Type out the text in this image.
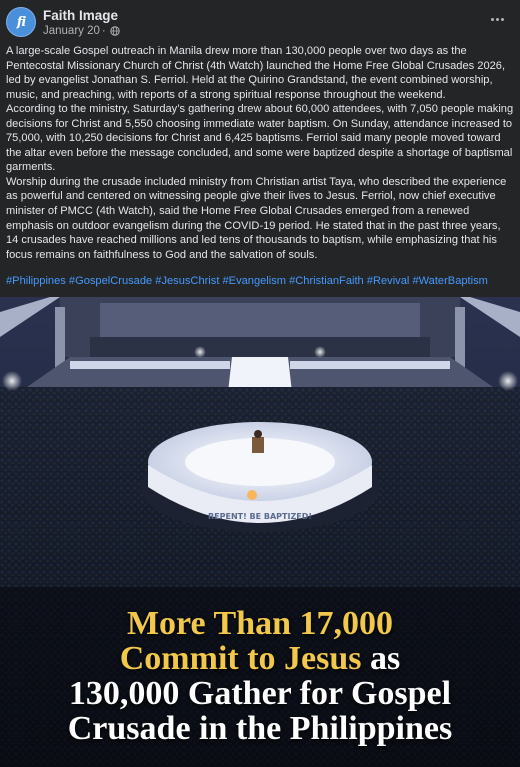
fi	Faith Image
January 20 ·

A large-scale Gospel outreach in Manila drew more than 130,000 people over two days as the Pentecostal Missionary Church of Christ (4th Watch) launched the Home Free Global Crusades 2026, led by evangelist Jonathan S. Ferriol. Held at the Quirino Grandstand, the event combined worship, music, and preaching, with reports of a strong spiritual response throughout the weekend.

According to the ministry, Saturday’s gathering drew about 60,000 attendees, with 7,050 people making decisions for Christ and 5,550 choosing immediate water baptism. On Sunday, attendance increased to 75,000, with 10,250 decisions for Christ and 6,425 baptisms. Ferriol said many people moved toward the altar even before the message concluded, and some were baptized despite a shortage of baptismal garments.

Worship during the crusade included ministry from Christian artist Taya, who described the experience as powerful and centered on witnessing people give their lives to Jesus. Ferriol, now chief executive minister of PMCC (4th Watch), said the Home Free Global Crusades emerged from a renewed emphasis on outdoor evangelism during the COVID-19 period. He stated that in the past three years, 14 crusades have reached millions and led tens of thousands to baptism, while emphasizing that his focus remains on faithfulness to God and the salvation of souls.

#Philippines #GospelCrusade #JesusChrist #Evangelism #ChristianFaith #Revival #WaterBaptism
REPENT! BE BAPTIZED!
More Than 17,000
Commit to Jesus as
130,000 Gather for Gospel
Crusade in the Philippines
